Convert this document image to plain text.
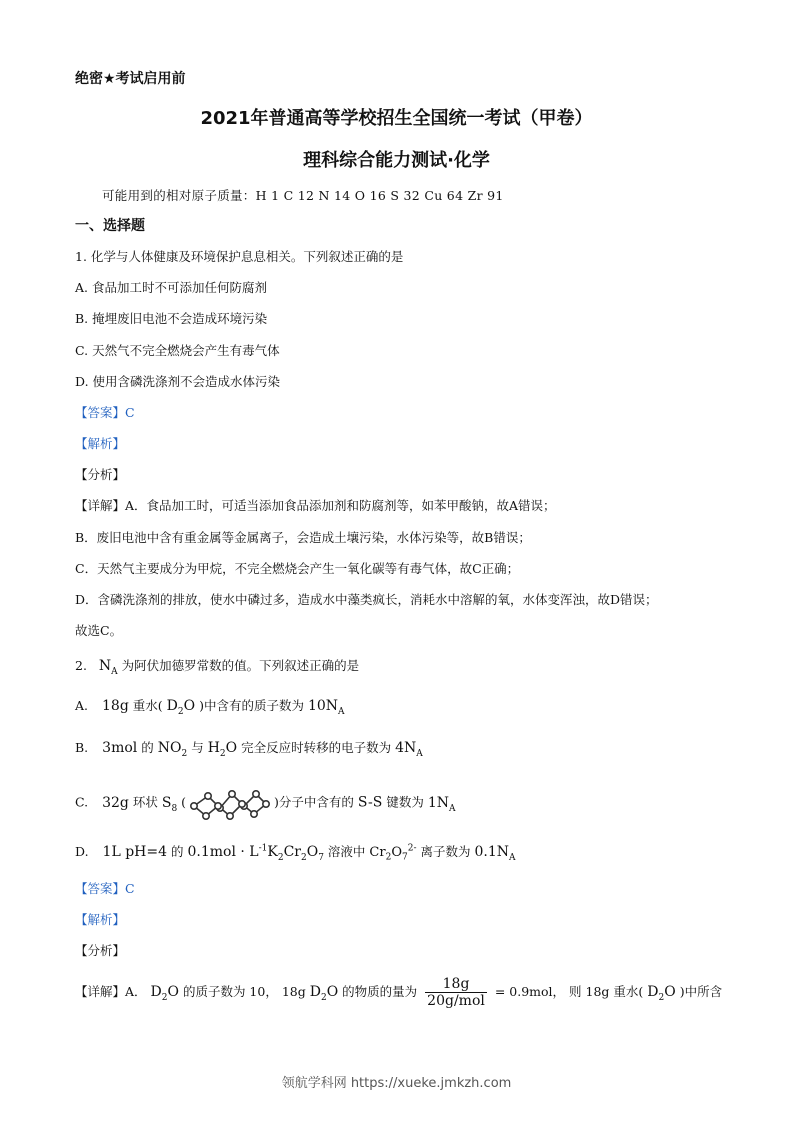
绝密★考试启用前
2021年普通高等学校招生全国统一考试（甲卷）
理科综合能力测试·化学
可能用到的相对原子质量：H 1 C 12 N 14 O 16 S 32 Cu 64 Zr 91
一、选择题
1. 化学与人体健康及环境保护息息相关。下列叙述正确的是
A. 食品加工时不可添加任何防腐剂
B. 掩埋废旧电池不会造成环境污染
C. 天然气不完全燃烧会产生有毒气体
D. 使用含磷洗涤剂不会造成水体污染
【答案】C
【解析】
【分析】
【详解】A．食品加工时，可适当添加食品添加剂和防腐剂等，如苯甲酸钠，故A错误；
B．废旧电池中含有重金属等金属离子，会造成土壤污染，水体污染等，故B错误；
C．天然气主要成分为甲烷，不完全燃烧会产生一氧化碳等有毒气体，故C正确；
D．含磷洗涤剂的排放，使水中磷过多，造成水中藻类疯长，消耗水中溶解的氧，水体变浑浊，故D错误；
故选C。
2. $N_A$ 为阿伏加德罗常数的值。下列叙述正确的是
A. 18g 重水( $D_2O$ )中含有的质子数为 $10N_A$
B. 3mol 的 $NO_2$ 与 $H_2O$ 完全反应时转移的电子数为 $4N_A$
C. 32g 环状 $S_8$ (	)分子中含有的 S-S 键数为 $1N_A$
D. 1L pH=4 的 $0.1mol \cdot L^{-1}K_2Cr_2O_7$ 溶液中 $Cr_2O_7^{2-}$ 离子数为 $0.1N_A$
【答案】C
【解析】
【分析】
【详解】A． $D_2O$ 的质子数为 10， 18g $D_2O$ 的物质的量为 $\frac{18g}{\text{20g/mol}} = 0.9mol$， 则 18g 重水( $D_2O$ )中所含
领航学科网 https://xueke.jmkzh.com
